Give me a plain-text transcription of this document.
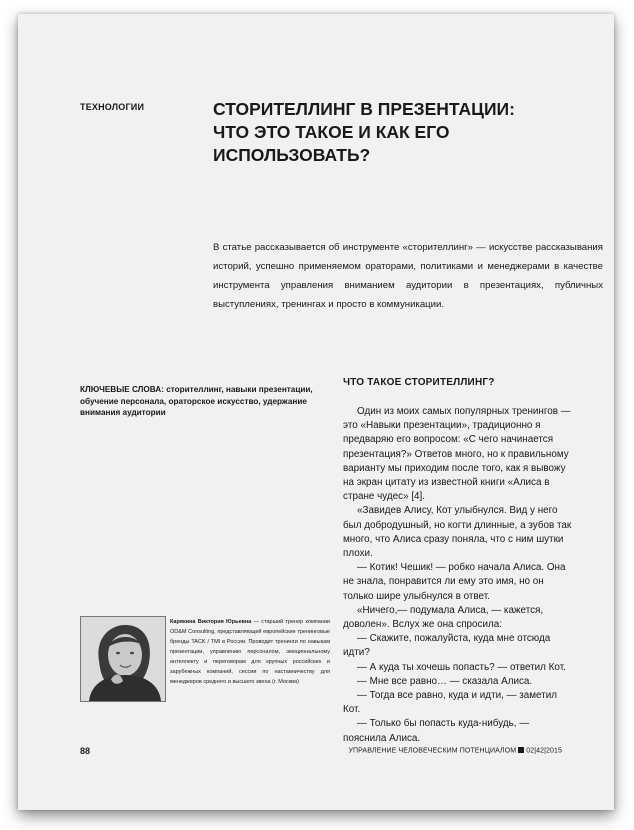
ТЕХНОЛОГИИ	СТОРИТЕЛЛИНГ В ПРЕЗЕНТАЦИИ:
ЧТО ЭТО ТАКОЕ И КАК ЕГО ИСПОЛЬЗОВАТЬ?
В статье рассказывается об инструменте «сторителлинг» — искусстве рассказывания историй, успешно применяемом ораторами, политиками и менеджерами в качестве инструмента управления вниманием аудитории в презентациях, публичных выступлениях, тренингах и просто в коммуникации.
КЛЮЧЕВЫЕ СЛОВА: сторителлинг, навыки презентации, обучение персонала, ораторское искусство, удержание внимания аудитории
ЧТО ТАКОЕ СТОРИТЕЛЛИНГ?

Один из моих самых популярных тренингов — это «Навыки презентации», традиционно я предваряю его вопросом: «С чего начинается презентация?» Ответов много, но к правильному варианту мы приходим после того, как я вывожу на экран цитату из известной книги «Алиса в стране чудес» [4].

«Завидев Алису, Кот улыбнулся. Вид у него был добродушный, но когти длинные, а зубов так много, что Алиса сразу поняла, что с ним шутки плохи.

— Котик! Чешик! — робко начала Алиса. Она не знала, понравится ли ему это имя, но он только шире улыбнулся в ответ.

«Ничего,— подумала Алиса, — кажется, доволен». Вслух же она спросила:

— Скажите, пожалуйста, куда мне отсюда идти?

— А куда ты хочешь попасть? — ответил Кот.

— Мне все равно… — сказала Алиса.

— Тогда все равно, куда и идти, — заметил Кот.

— Только бы попасть куда-нибудь, — пояснила Алиса.

Карякина Виктория Юрьевна — старший тренер компании OD&M Consulting, представляющей европейские тренинговые бренды TACK / TMI в России. Проводит тренинги по навыкам презентации, управлению персоналом, эмоциональному интеллекту и переговорам для крупных российских и зарубежных компаний, сессии по наставничеству для менеджеров среднего и высшего звена (г. Москва)
88	УПРАВЛЕНИЕ ЧЕЛОВЕЧЕСКИМ ПОТЕНЦИАЛОМ 02|42|2015
